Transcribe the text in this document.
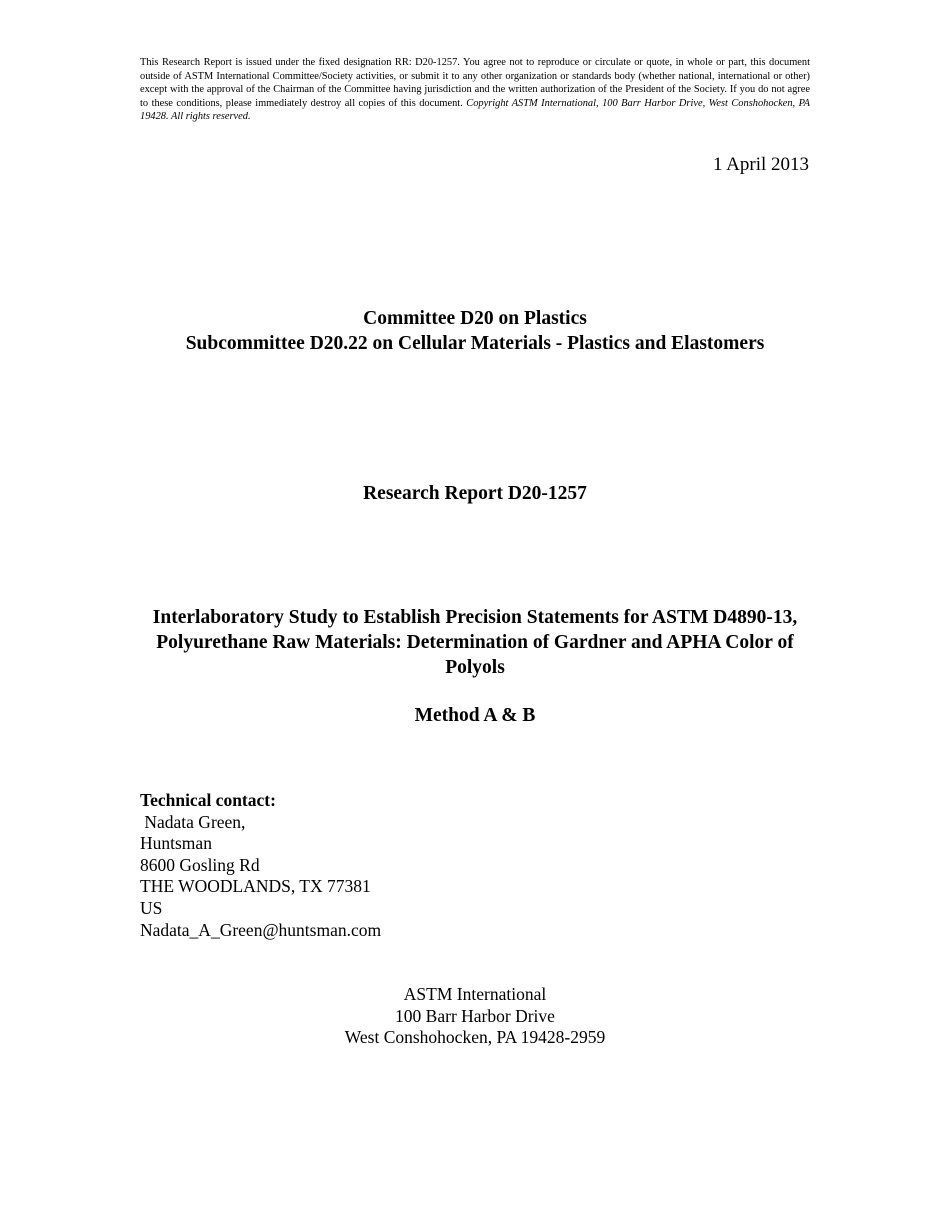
This Research Report is issued under the fixed designation RR: D20-1257. You agree not to reproduce or circulate or quote, in whole or part, this document outside of ASTM International Committee/Society activities, or submit it to any other organization or standards body (whether national, international or other) except with the approval of the Chairman of the Committee having jurisdiction and the written authorization of the President of the Society. If you do not agree to these conditions, please immediately destroy all copies of this document. Copyright ASTM International, 100 Barr Harbor Drive, West Conshohocken, PA 19428. All rights reserved.
1 April 2013
Committee D20 on Plastics
Subcommittee D20.22 on Cellular Materials - Plastics and Elastomers
Research Report D20-1257
Interlaboratory Study to Establish Precision Statements for ASTM D4890-13, Polyurethane Raw Materials: Determination of Gardner and APHA Color of Polyols
Method A & B
Technical contact:
Nadata Green,
Huntsman
8600 Gosling Rd
THE WOODLANDS, TX 77381
US
Nadata_A_Green@huntsman.com
ASTM International
100 Barr Harbor Drive
West Conshohocken, PA 19428-2959
